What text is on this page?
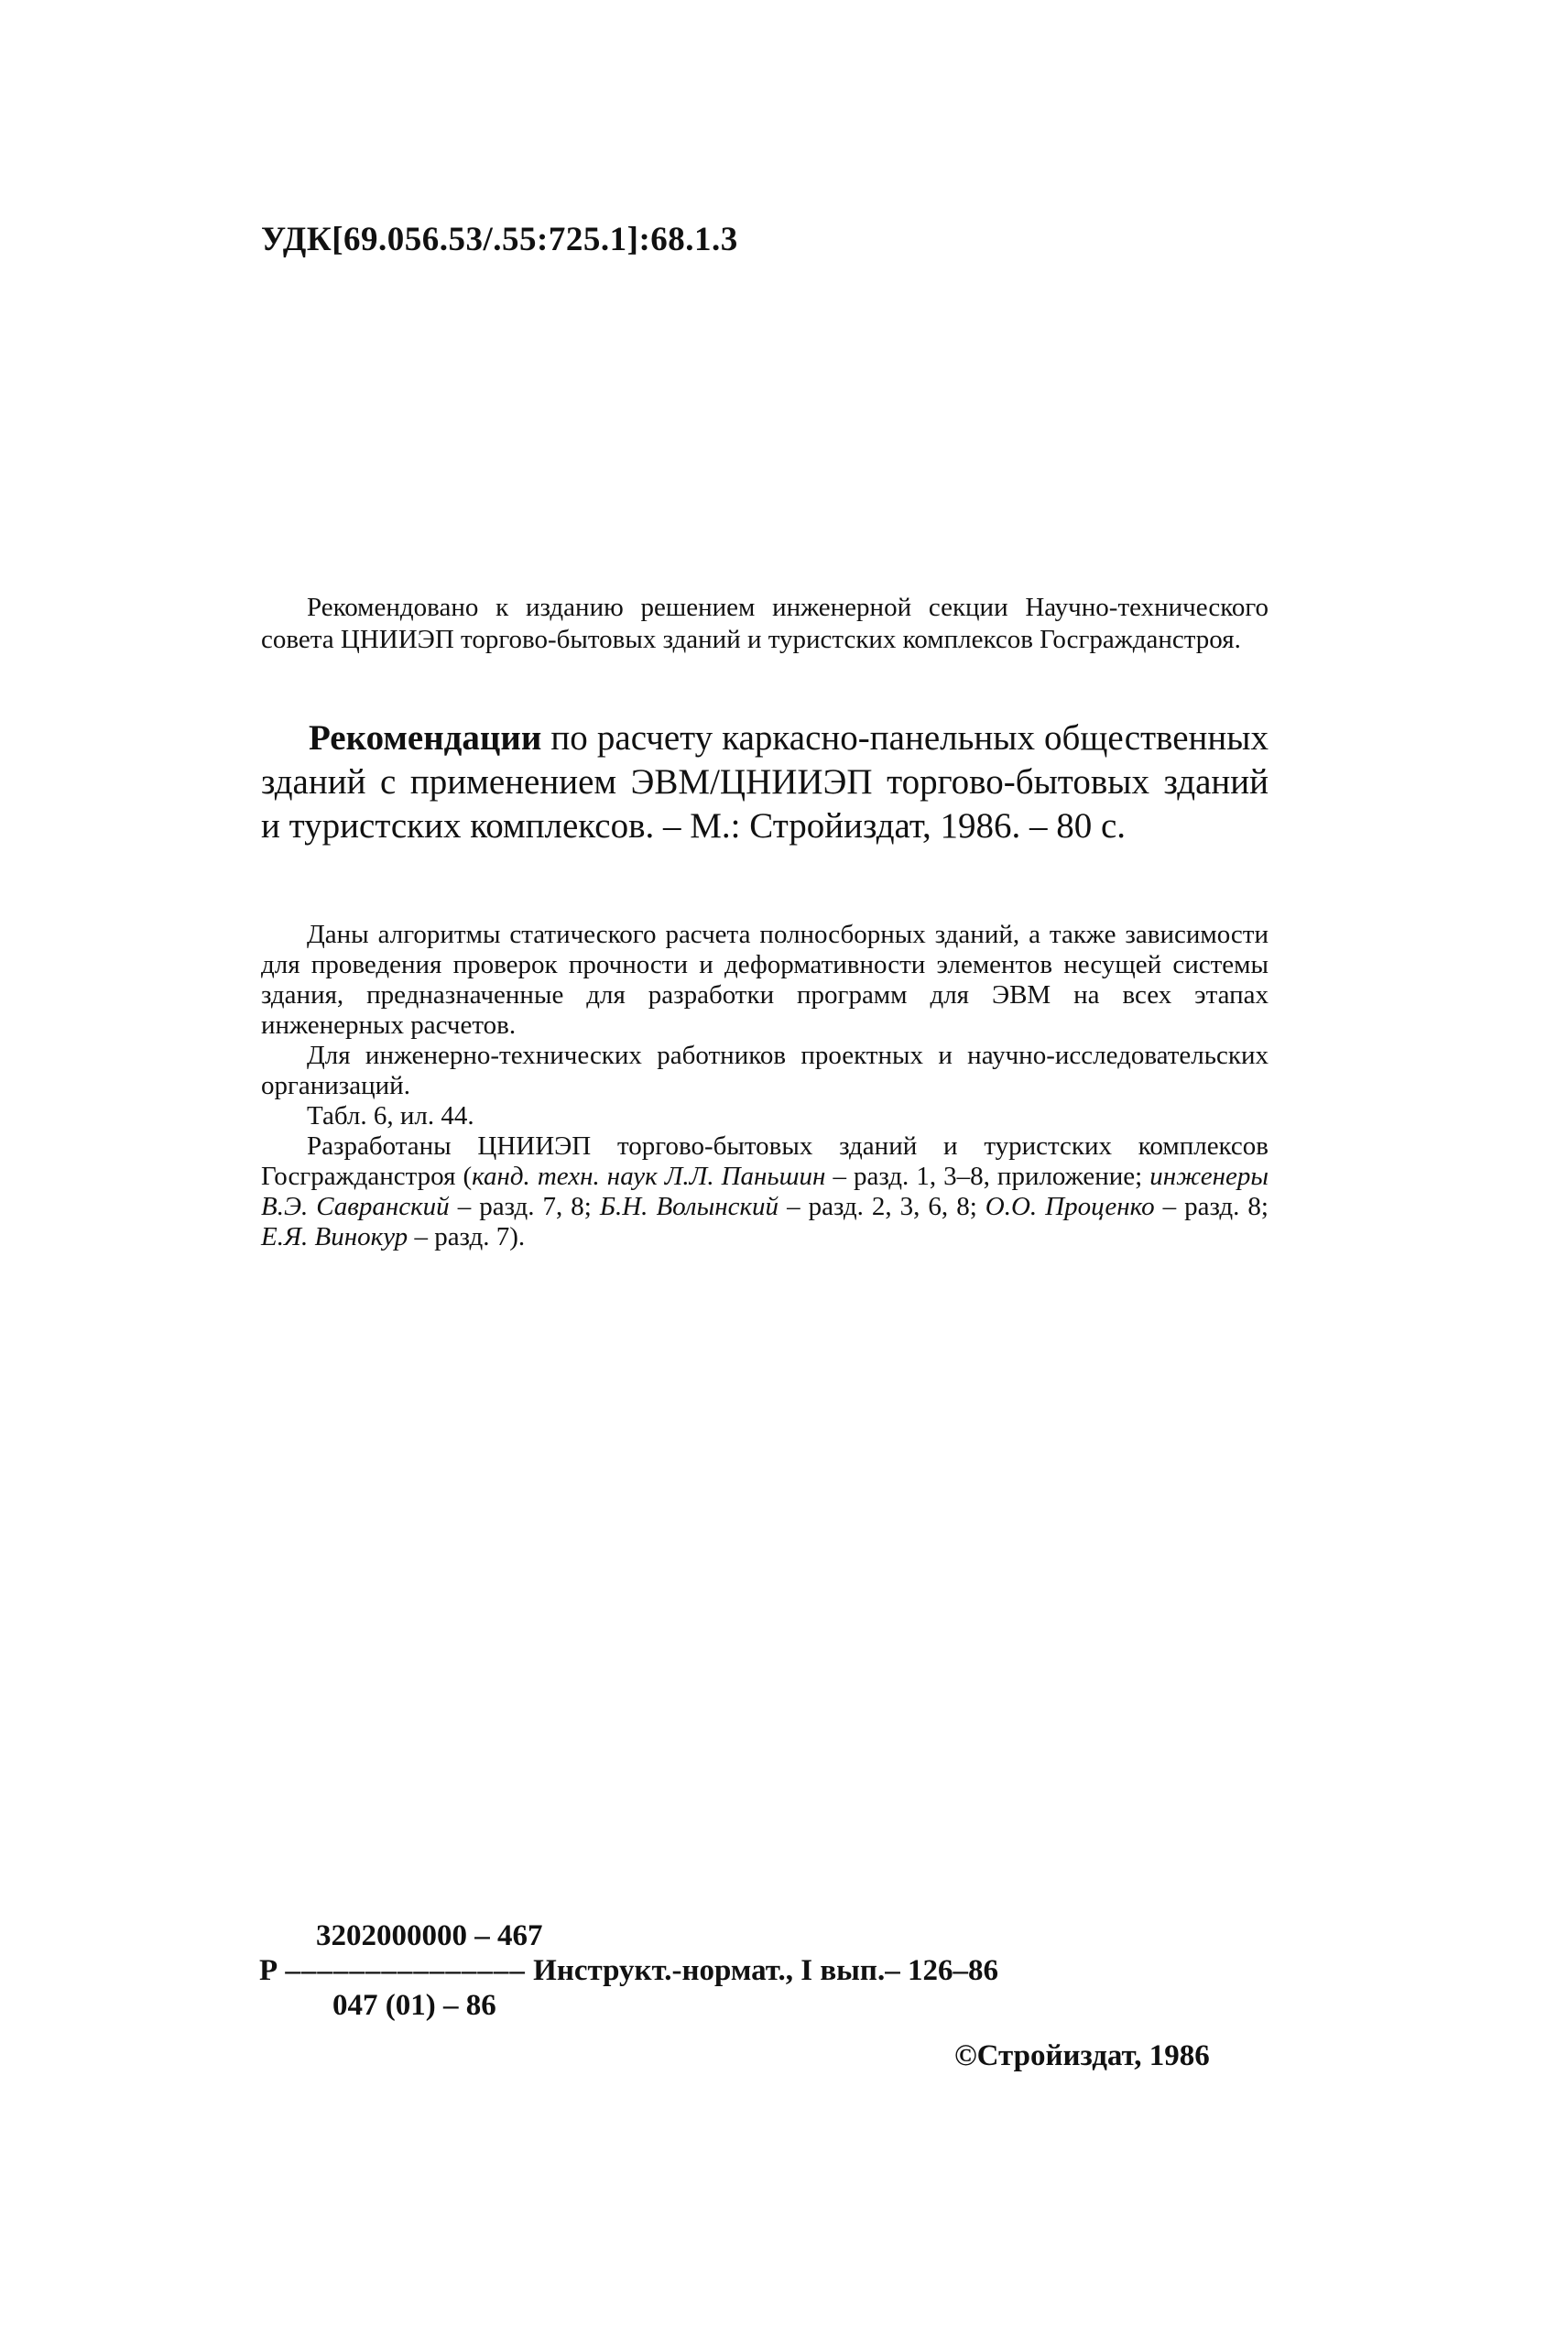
УДК[69.056.53/.55:725.1]:68.1.3

Рекомендовано к изданию решением инженерной секции Научно-технического совета ЦНИИЭП торгово-бытовых зданий и туристских комплексов Госгражданстроя.

Рекомендации по расчету каркасно-панельных общественных зданий с применением ЭВМ/ЦНИИЭП торгово-бытовых зданий и туристских комплексов. – М.: Стройиздат, 1986. – 80 с.

Даны алгоритмы статического расчета полносборных зданий, а также зависимости для проведения проверок прочности и деформативности элементов несущей системы здания, предназначенные для разработки программ для ЭВМ на всех этапах инженерных расчетов.

Для инженерно-технических работников проектных и научно-исследовательских организаций.

Табл. 6, ил. 44.

Разработаны ЦНИИЭП торгово-бытовых зданий и туристских комплексов Госгражданстроя (канд. техн. наук Л.Л. Паньшин – разд. 1, 3–8, приложение; инженеры В.Э. Савранский – разд. 7, 8; Б.Н. Волынский – разд. 2, 3, 6, 8; О.О. Проценко – разд. 8; Е.Я. Винокур – разд. 7).

3202000000 – 467
Р ––––––––––––––– Инструкт.-нормат., I вып.– 126–86
047 (01) – 86
©Стройиздат, 1986
